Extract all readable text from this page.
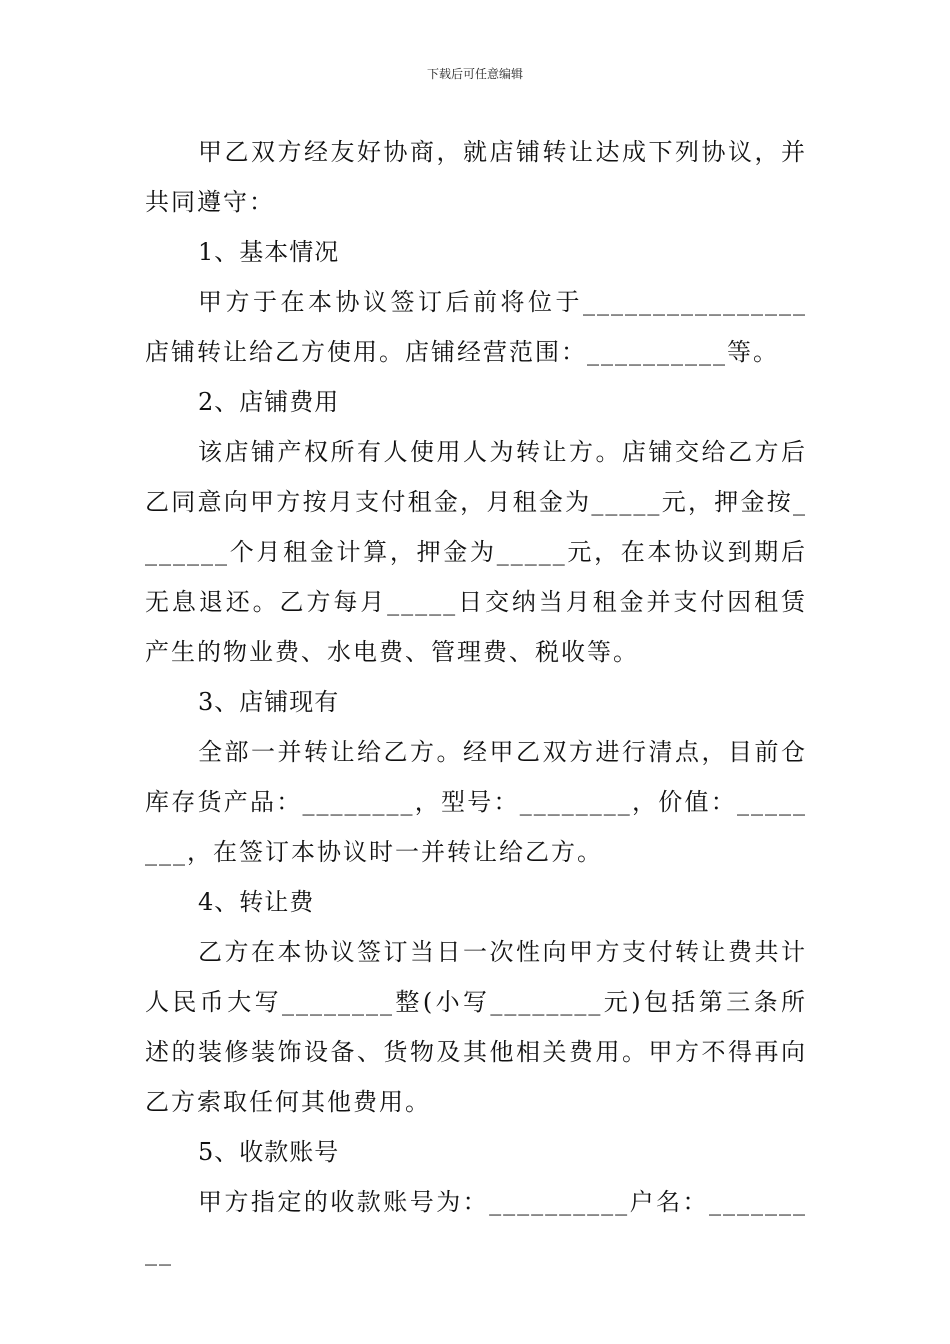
下载后可任意编辑

甲乙双方经友好协商，就店铺转让达成下列协议，并共同遵守：

1、基本情况

甲方于在本协议签订后前将位于________________店铺转让给乙方使用。店铺经营范围：__________等。

2、店铺费用

该店铺产权所有人使用人为转让方。店铺交给乙方后乙同意向甲方按月支付租金，月租金为_____元，押金按_______个月租金计算，押金为_____元，在本协议到期后无息退还。乙方每月_____日交纳当月租金并支付因租赁产生的物业费、水电费、管理费、税收等。

3、店铺现有

全部一并转让给乙方。经甲乙双方进行清点，目前仓库存货产品：________，型号：________，价值：________，在签订本协议时一并转让给乙方。

4、转让费

乙方在本协议签订当日一次性向甲方支付转让费共计人民币大写________整(小写________元)包括第三条所述的装修装饰设备、货物及其他相关费用。甲方不得再向乙方索取任何其他费用。

5、收款账号

甲方指定的收款账号为：__________户名：_________
